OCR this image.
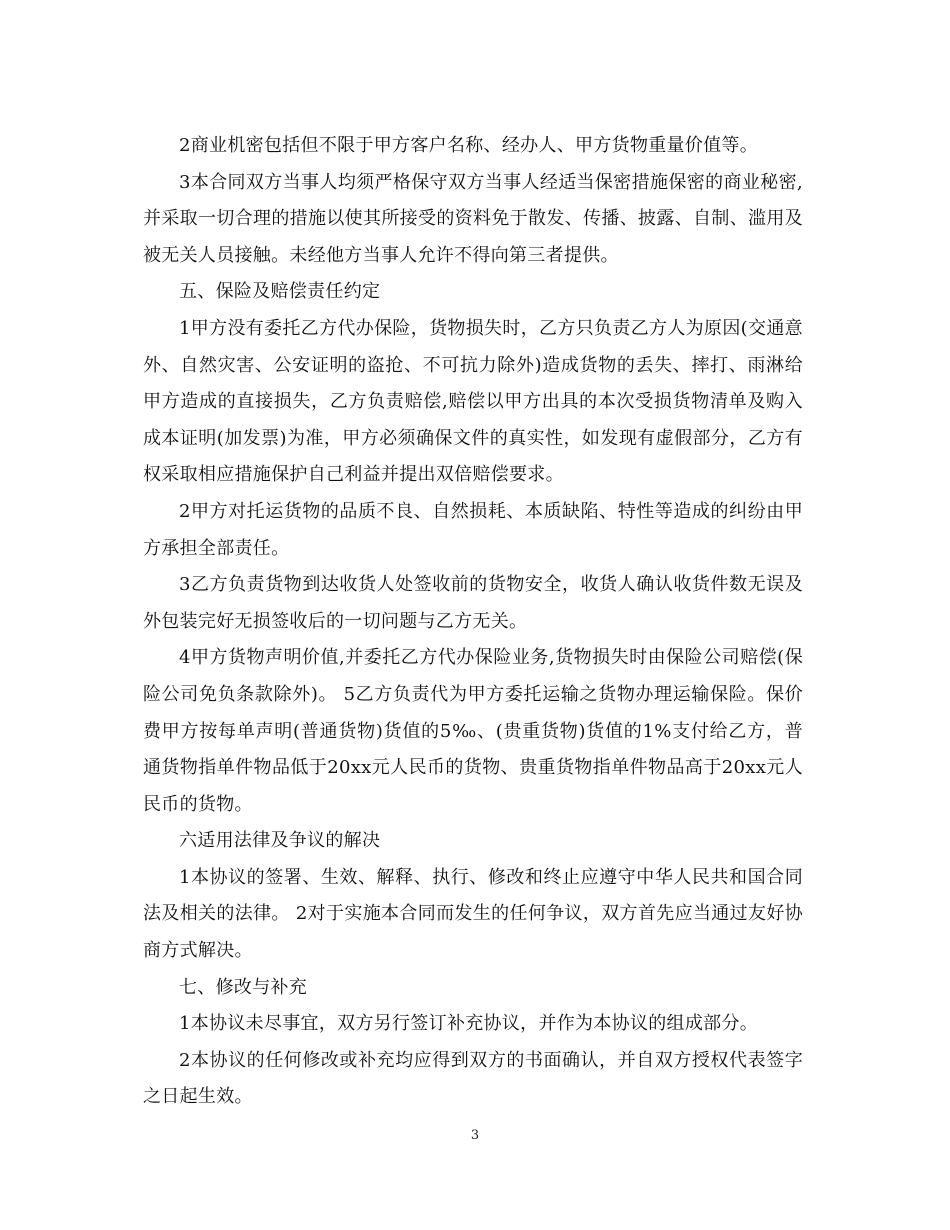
2商业机密包括但不限于甲方客户名称、经办人、甲方货物重量价值等。

3本合同双方当事人均须严格保守双方当事人经适当保密措施保密的商业秘密,并采取一切合理的措施以使其所接受的资料免于散发、传播、披露、自制、滥用及被无关人员接触。未经他方当事人允许不得向第三者提供。

五、保险及赔偿责任约定

1甲方没有委托乙方代办保险，货物损失时，乙方只负责乙方人为原因(交通意外、自然灾害、公安证明的盗抢、不可抗力除外)造成货物的丢失、摔打、雨淋给甲方造成的直接损失，乙方负责赔偿,赔偿以甲方出具的本次受损货物清单及购入成本证明(加发票)为准，甲方必须确保文件的真实性，如发现有虚假部分，乙方有权采取相应措施保护自己利益并提出双倍赔偿要求。

2甲方对托运货物的品质不良、自然损耗、本质缺陷、特性等造成的纠纷由甲方承担全部责任。

3乙方负责货物到达收货人处签收前的货物安全，收货人确认收货件数无误及外包装完好无损签收后的一切问题与乙方无关。

4甲方货物声明价值,并委托乙方代办保险业务,货物损失时由保险公司赔偿(保险公司免负条款除外)。 5乙方负责代为甲方委托运输之货物办理运输保险。保价费甲方按每单声明(普通货物)货值的5‰、(贵重货物)货值的1%支付给乙方，普通货物指单件物品低于20xx元人民币的货物、贵重货物指单件物品高于20xx元人民币的货物。

六适用法律及争议的解决

1本协议的签署、生效、解释、执行、修改和终止应遵守中华人民共和国合同法及相关的法律。 2对于实施本合同而发生的任何争议，双方首先应当通过友好协商方式解决。

七、修改与补充

1本协议未尽事宜，双方另行签订补充协议，并作为本协议的组成部分。

2本协议的任何修改或补充均应得到双方的书面确认，并自双方授权代表签字之日起生效。

3
